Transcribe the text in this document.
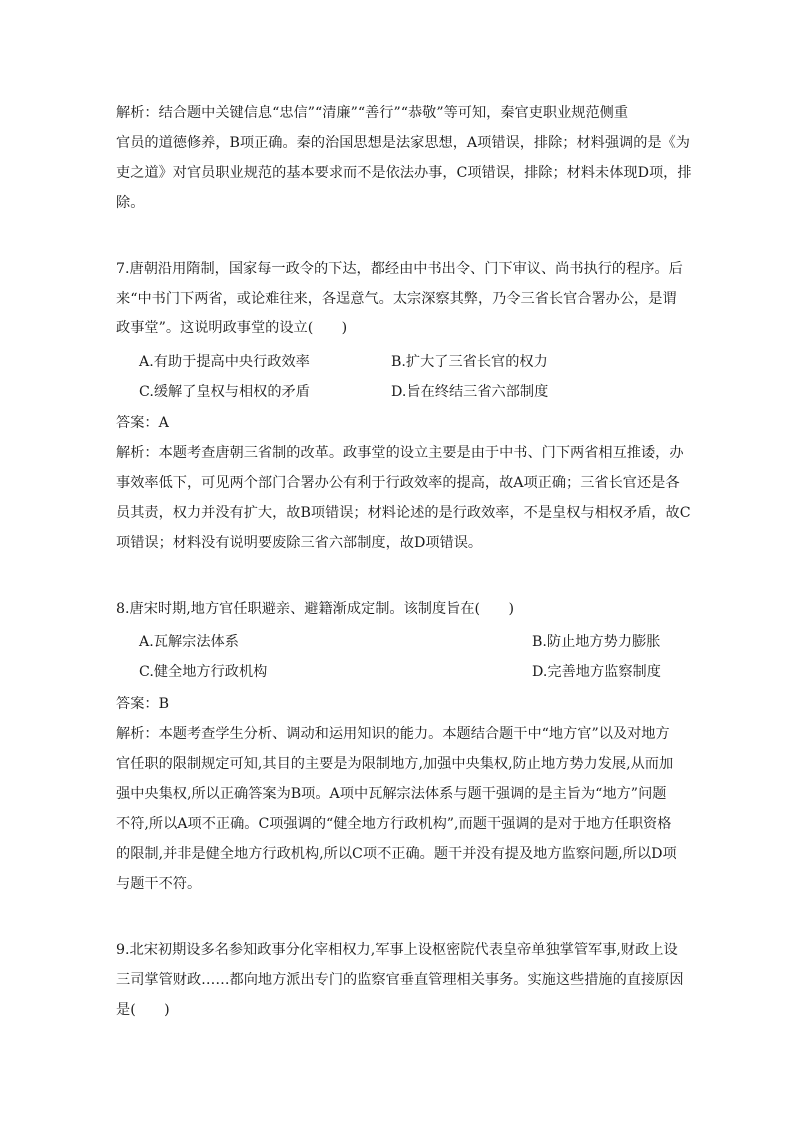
解析：结合题中关键信息“忠信”“清廉”“善行”“恭敬”等可知，秦官吏职业规范侧重
官员的道德修养，B项正确。秦的治国思想是法家思想，A项错误，排除；材料强调的是《为
吏之道》对官员职业规范的基本要求而不是依法办事，C项错误，排除；材料未体现D项，排
除。
7.唐朝沿用隋制，国家每一政令的下达，都经由中书出令、门下审议、尚书执行的程序。后
来“中书门下两省，或论难往来，各逞意气。太宗深察其弊，乃令三省长官合署办公，是谓
政事堂”。这说明政事堂的设立(　　)
A.有助于提高中央行政效率	B.扩大了三省长官的权力
C.缓解了皇权与相权的矛盾	D.旨在终结三省六部制度
答案：A
解析：本题考查唐朝三省制的改革。政事堂的设立主要是由于中书、门下两省相互推诿，办
事效率低下，可见两个部门合署办公有利于行政效率的提高，故A项正确；三省长官还是各
员其责，权力并没有扩大，故B项错误；材料论述的是行政效率，不是皇权与相权矛盾，故C
项错误；材料没有说明要废除三省六部制度，故D项错误。
8.唐宋时期,地方官任职避亲、避籍渐成定制。该制度旨在(　　)
A.瓦解宗法体系	B.防止地方势力膨胀
C.健全地方行政机构	D.完善地方监察制度
答案：B
解析：本题考查学生分析、调动和运用知识的能力。本题结合题干中“地方官”以及对地方
官任职的限制规定可知,其目的主要是为限制地方,加强中央集权,防止地方势力发展,从而加
强中央集权,所以正确答案为B项。A项中瓦解宗法体系与题干强调的是主旨为“地方”问题
不符,所以A项不正确。C项强调的“健全地方行政机构”,而题干强调的是对于地方任职资格
的限制,并非是健全地方行政机构,所以C项不正确。题干并没有提及地方监察问题,所以D项
与题干不符。
9.北宋初期设多名参知政事分化宰相权力,军事上设枢密院代表皇帝单独掌管军事,财政上设
三司掌管财政……都向地方派出专门的监察官垂直管理相关事务。实施这些措施的直接原因
是(　　)
